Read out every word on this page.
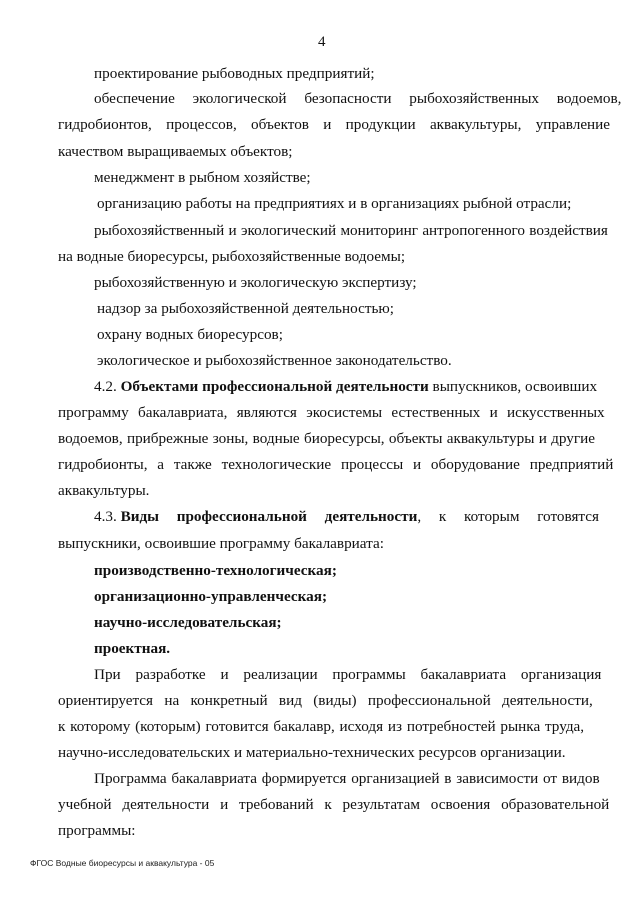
4
проектирование рыбоводных предприятий;
обеспечение экологической безопасности рыбохозяйственных водоемов,
гидробионтов, процессов, объектов и продукции аквакультуры, управление
качеством выращиваемых объектов;
менеджмент в рыбном хозяйстве;
организацию работы на предприятиях и в организациях рыбной отрасли;
рыбохозяйственный и экологический мониторинг антропогенного воздействия
на водные биоресурсы, рыбохозяйственные водоемы;
рыбохозяйственную и экологическую экспертизу;
надзор за рыбохозяйственной деятельностью;
охрану водных биоресурсов;
экологическое и рыбохозяйственное законодательство.
4.2. Объектами профессиональной деятельности выпускников, освоивших
программу бакалавриата, являются экосистемы естественных и искусственных
водоемов, прибрежные зоны, водные биоресурсы, объекты аквакультуры и другие
гидробионты, а также технологические процессы и оборудование предприятий
аквакультуры.
4.3. Виды профессиональной деятельности, к которым готовятся
выпускники, освоившие программу бакалавриата:
производственно-технологическая;
организационно-управленческая;
научно-исследовательская;
проектная.
При разработке и реализации программы бакалавриата организация
ориентируется на конкретный вид (виды) профессиональной деятельности,
к которому (которым) готовится бакалавр, исходя из потребностей рынка труда,
научно-исследовательских и материально-технических ресурсов организации.
Программа бакалавриата формируется организацией в зависимости от видов
учебной деятельности и требований к результатам освоения образовательной
программы:
ФГОС Водные биоресурсы и аквакультура - 05
